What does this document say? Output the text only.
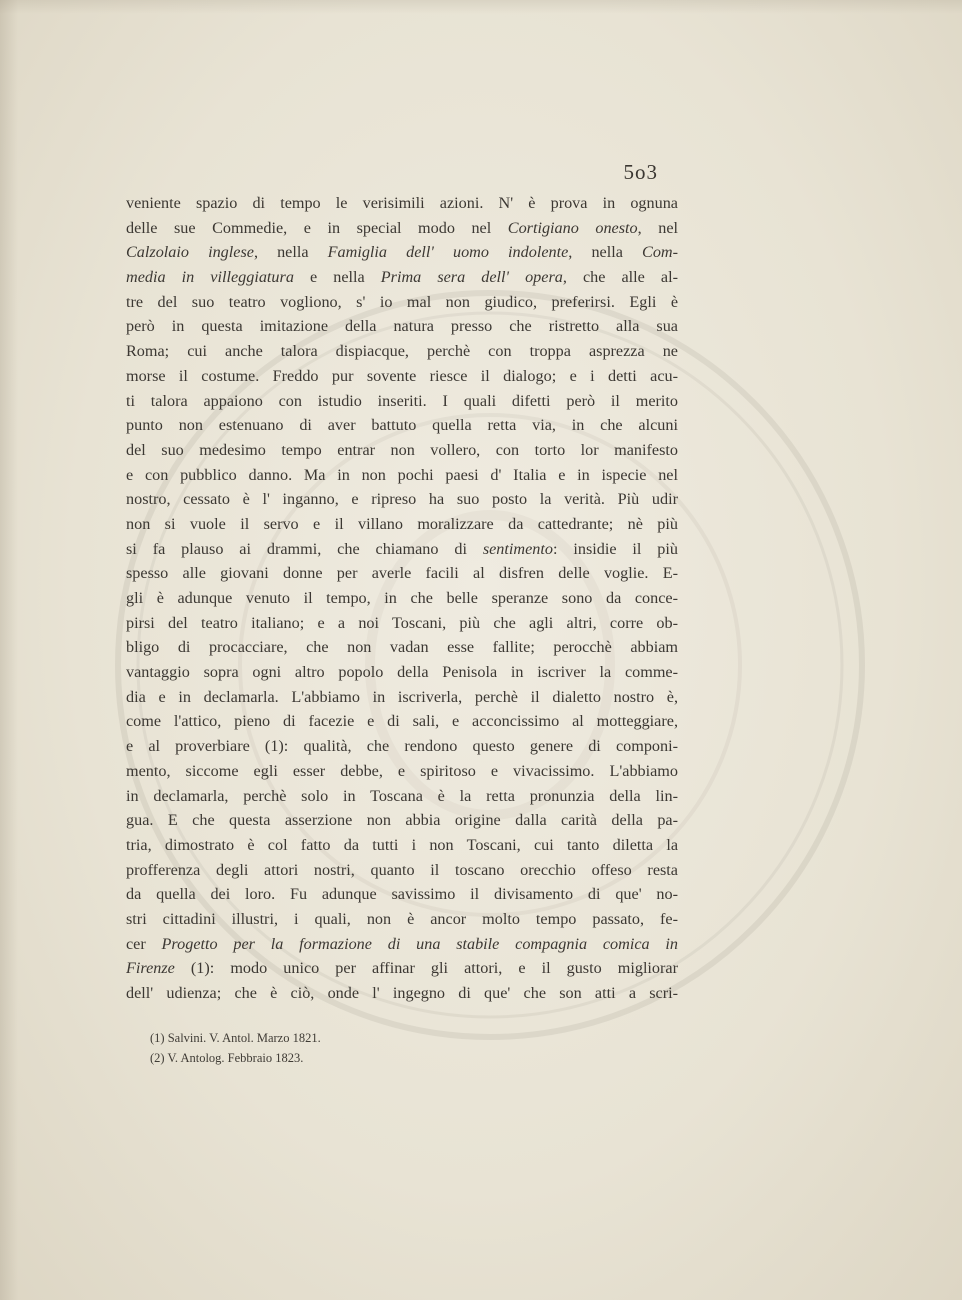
5o3
veniente spazio di tempo le verisimili azioni. N' è prova in ognuna
delle sue Commedie, e in special modo nel Cortigiano onesto, nel
Calzolaio inglese, nella Famiglia dell' uomo indolente, nella Com-
media in villeggiatura e nella Prima sera dell' opera, che alle al-
tre del suo teatro vogliono, s' io mal non giudico, preferirsi. Egli è
però in questa imitazione della natura presso che ristretto alla sua
Roma; cui anche talora dispiacque, perchè con troppa asprezza ne
morse il costume. Freddo pur sovente riesce il dialogo; e i detti acu-
ti talora appaiono con istudio inseriti. I quali difetti però il merito
punto non estenuano di aver battuto quella retta via, in che alcuni
del suo medesimo tempo entrar non vollero, con torto lor manifesto
e con pubblico danno. Ma in non pochi paesi d' Italia e in ispecie nel
nostro, cessato è l' inganno, e ripreso ha suo posto la verità. Più udir
non si vuole il servo e il villano moralizzare da cattedrante; nè più
si fa plauso ai drammi, che chiamano di sentimento: insidie il più
spesso alle giovani donne per averle facili al disfren delle voglie. E-
gli è adunque venuto il tempo, in che belle speranze sono da conce-
pirsi del teatro italiano; e a noi Toscani, più che agli altri, corre ob-
bligo di procacciare, che non vadan esse fallite; perocchè abbiam
vantaggio sopra ogni altro popolo della Penisola in iscriver la comme-
dia e in declamarla. L'abbiamo in iscriverla, perchè il dialetto nostro è,
come l'attico, pieno di facezie e di sali, e acconcissimo al motteggiare,
e al proverbiare (1): qualità, che rendono questo genere di componi-
mento, siccome egli esser debbe, e spiritoso e vivacissimo. L'abbiamo
in declamarla, perchè solo in Toscana è la retta pronunzia della lin-
gua. E che questa asserzione non abbia origine dalla carità della pa-
tria, dimostrato è col fatto da tutti i non Toscani, cui tanto diletta la
profferenza degli attori nostri, quanto il toscano orecchio offeso resta
da quella dei loro. Fu adunque savissimo il divisamento di que' no-
stri cittadini illustri, i quali, non è ancor molto tempo passato, fe-
cer Progetto per la formazione di una stabile compagnia comica in
Firenze (1): modo unico per affinar gli attori, e il gusto migliorar
dell' udienza; che è ciò, onde l' ingegno di que' che son atti a scri-
(1) Salvini. V. Antol. Marzo 1821.
(2) V. Antolog. Febbraio 1823.
